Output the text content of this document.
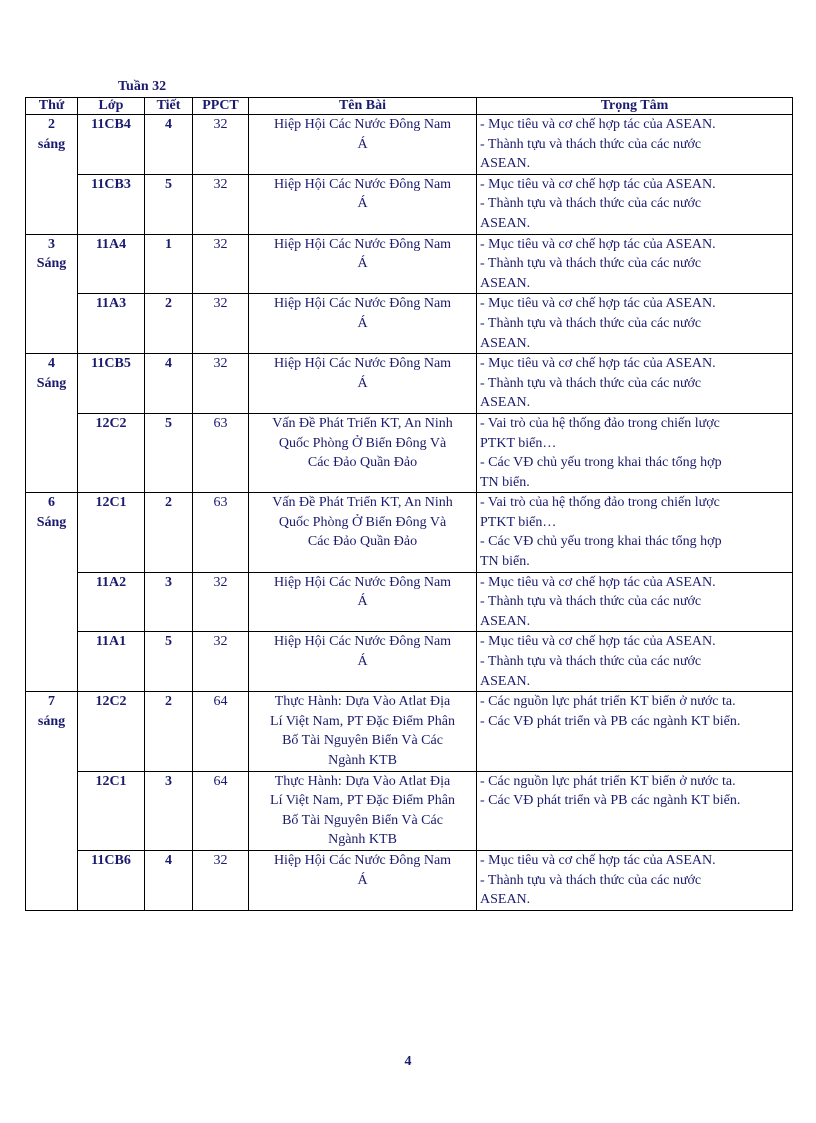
Tuần 32
Thứ	Lớp	Tiết	PPCT	Tên Bài	Trọng Tâm

2
sáng	11CB4	4	32	Hiệp Hội Các Nước Đông Nam
Á	- Mục tiêu và cơ chế hợp tác của ASEAN.
- Thành tựu và thách thức của các nước
ASEAN.

	11CB3	5	32	Hiệp Hội Các Nước Đông Nam
Á	- Mục tiêu và cơ chế hợp tác của ASEAN.
- Thành tựu và thách thức của các nước
ASEAN.

3
Sáng	11A4	1	32	Hiệp Hội Các Nước Đông Nam
Á	- Mục tiêu và cơ chế hợp tác của ASEAN.
- Thành tựu và thách thức của các nước
ASEAN.

	11A3	2	32	Hiệp Hội Các Nước Đông Nam
Á	- Mục tiêu và cơ chế hợp tác của ASEAN.
- Thành tựu và thách thức của các nước
ASEAN.

4
Sáng	11CB5	4	32	Hiệp Hội Các Nước Đông Nam
Á	- Mục tiêu và cơ chế hợp tác của ASEAN.
- Thành tựu và thách thức của các nước
ASEAN.

	12C2	5	63	Vấn Đề Phát Triển KT, An Ninh
Quốc Phòng Ở Biển Đông Và
Các Đảo Quần Đảo	- Vai trò của hệ thống đảo trong chiến lược
PTKT biển…
- Các VĐ chủ yếu trong khai thác tổng hợp
TN biển.

6
Sáng	12C1	2	63	Vấn Đề Phát Triển KT, An Ninh
Quốc Phòng Ở Biển Đông Và
Các Đảo Quần Đảo	- Vai trò của hệ thống đảo trong chiến lược
PTKT biển…
- Các VĐ chủ yếu trong khai thác tổng hợp
TN biển.

	11A2	3	32	Hiệp Hội Các Nước Đông Nam
Á	- Mục tiêu và cơ chế hợp tác của ASEAN.
- Thành tựu và thách thức của các nước
ASEAN.

	11A1	5	32	Hiệp Hội Các Nước Đông Nam
Á	- Mục tiêu và cơ chế hợp tác của ASEAN.
- Thành tựu và thách thức của các nước
ASEAN.

7
sáng	12C2	2	64	Thực Hành: Dựa Vào Atlat Địa
Lí Việt Nam, PT Đặc Điểm Phân
Bố Tài Nguyên Biển Và Các
Ngành KTB	- Các nguồn lực phát triển KT biển ở nước ta.
- Các VĐ phát triển và PB các ngành KT biển.

	12C1	3	64	Thực Hành: Dựa Vào Atlat Địa
Lí Việt Nam, PT Đặc Điểm Phân
Bố Tài Nguyên Biển Và Các
Ngành KTB	- Các nguồn lực phát triển KT biển ở nước ta.
- Các VĐ phát triển và PB các ngành KT biển.

	11CB6	4	32	Hiệp Hội Các Nước Đông Nam
Á	- Mục tiêu và cơ chế hợp tác của ASEAN.
- Thành tựu và thách thức của các nước
ASEAN.
4
